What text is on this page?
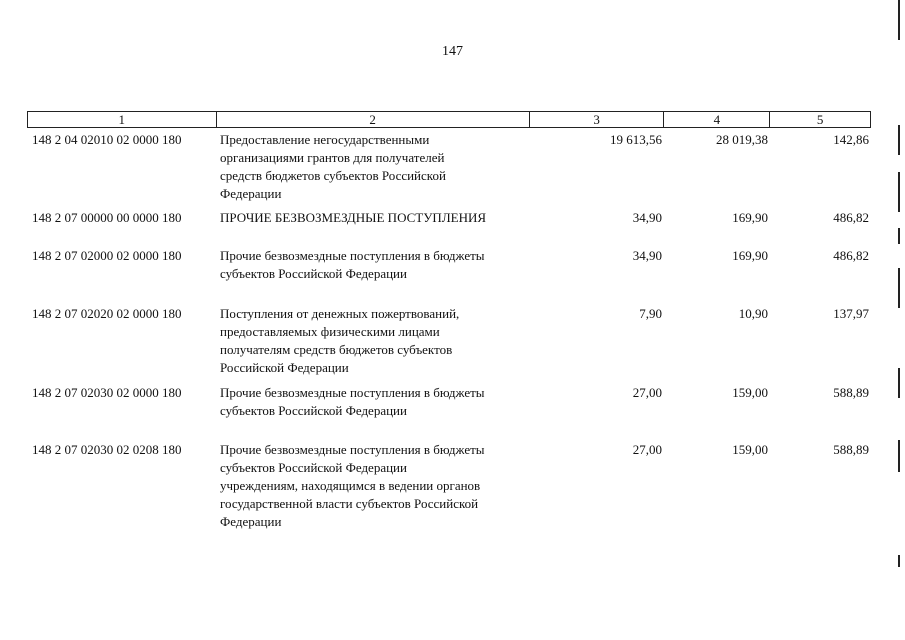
147
1	2	3	4	5
148 2 04 02010 02 0000 180	Предоставление негосударственными
организациями грантов для получателей
средств бюджетов субъектов Российской
Федерации
19 613,56	28 019,38	142,86
148 2 07 00000 00 0000 180	ПРОЧИЕ БЕЗВОЗМЕЗДНЫЕ ПОСТУПЛЕНИЯ	34,90	169,90	486,82
148 2 07 02000 02 0000 180	Прочие безвозмездные поступления в бюджеты
субъектов Российской Федерации
34,90	169,90	486,82
148 2 07 02020 02 0000 180	Поступления от денежных пожертвований,
предоставляемых физическими лицами
получателям средств бюджетов субъектов
Российской Федерации
7,90	10,90	137,97
148 2 07 02030 02 0000 180	Прочие безвозмездные поступления в бюджеты
субъектов Российской Федерации
27,00	159,00	588,89
148 2 07 02030 02 0208 180	Прочие безвозмездные поступления в бюджеты
субъектов Российской Федерации
учреждениям, находящимся в ведении органов
государственной власти субъектов Российской
Федерации
27,00	159,00	588,89
